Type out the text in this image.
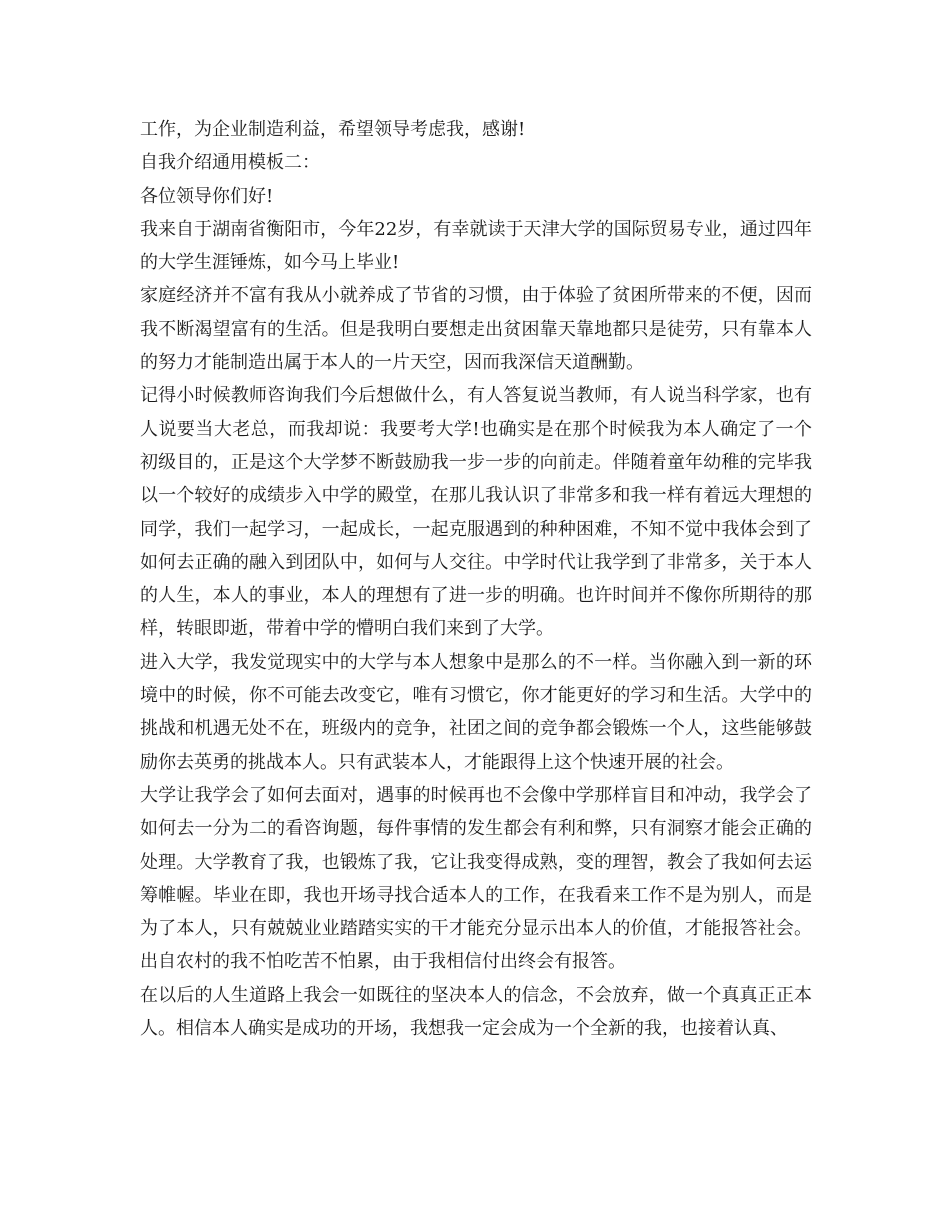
工作，为企业制造利益，希望领导考虑我，感谢!

自我介绍通用模板二：

各位领导你们好!

我来自于湖南省衡阳市，今年22岁，有幸就读于天津大学的国际贸易专业，通过四年的大学生涯锤炼，如今马上毕业!

家庭经济并不富有我从小就养成了节省的习惯，由于体验了贫困所带来的不便，因而我不断渴望富有的生活。但是我明白要想走出贫困靠天靠地都只是徒劳，只有靠本人的努力才能制造出属于本人的一片天空，因而我深信天道酬勤。

记得小时候教师咨询我们今后想做什么，有人答复说当教师，有人说当科学家，也有人说要当大老总，而我却说：我要考大学!也确实是在那个时候我为本人确定了一个初级目的，正是这个大学梦不断鼓励我一步一步的向前走。伴随着童年幼稚的完毕我以一个较好的成绩步入中学的殿堂，在那儿我认识了非常多和我一样有着远大理想的同学，我们一起学习，一起成长，一起克服遇到的种种困难，不知不觉中我体会到了如何去正确的融入到团队中，如何与人交往。中学时代让我学到了非常多，关于本人的人生，本人的事业，本人的理想有了进一步的明确。也许时间并不像你所期待的那样，转眼即逝，带着中学的懵明白我们来到了大学。

进入大学，我发觉现实中的大学与本人想象中是那么的不一样。当你融入到一新的环境中的时候，你不可能去改变它，唯有习惯它，你才能更好的学习和生活。大学中的挑战和机遇无处不在，班级内的竞争，社团之间的竞争都会锻炼一个人，这些能够鼓励你去英勇的挑战本人。只有武装本人，才能跟得上这个快速开展的社会。

大学让我学会了如何去面对，遇事的时候再也不会像中学那样盲目和冲动，我学会了如何去一分为二的看咨询题，每件事情的发生都会有利和弊，只有洞察才能会正确的处理。大学教育了我，也锻炼了我，它让我变得成熟，变的理智，教会了我如何去运筹帷幄。毕业在即，我也开场寻找合适本人的工作，在我看来工作不是为别人，而是为了本人，只有兢兢业业踏踏实实的干才能充分显示出本人的价值，才能报答社会。出自农村的我不怕吃苦不怕累，由于我相信付出终会有报答。

在以后的人生道路上我会一如既往的坚决本人的信念，不会放弃，做一个真真正正本人。相信本人确实是成功的开场，我想我一定会成为一个全新的我，也接着认真、
